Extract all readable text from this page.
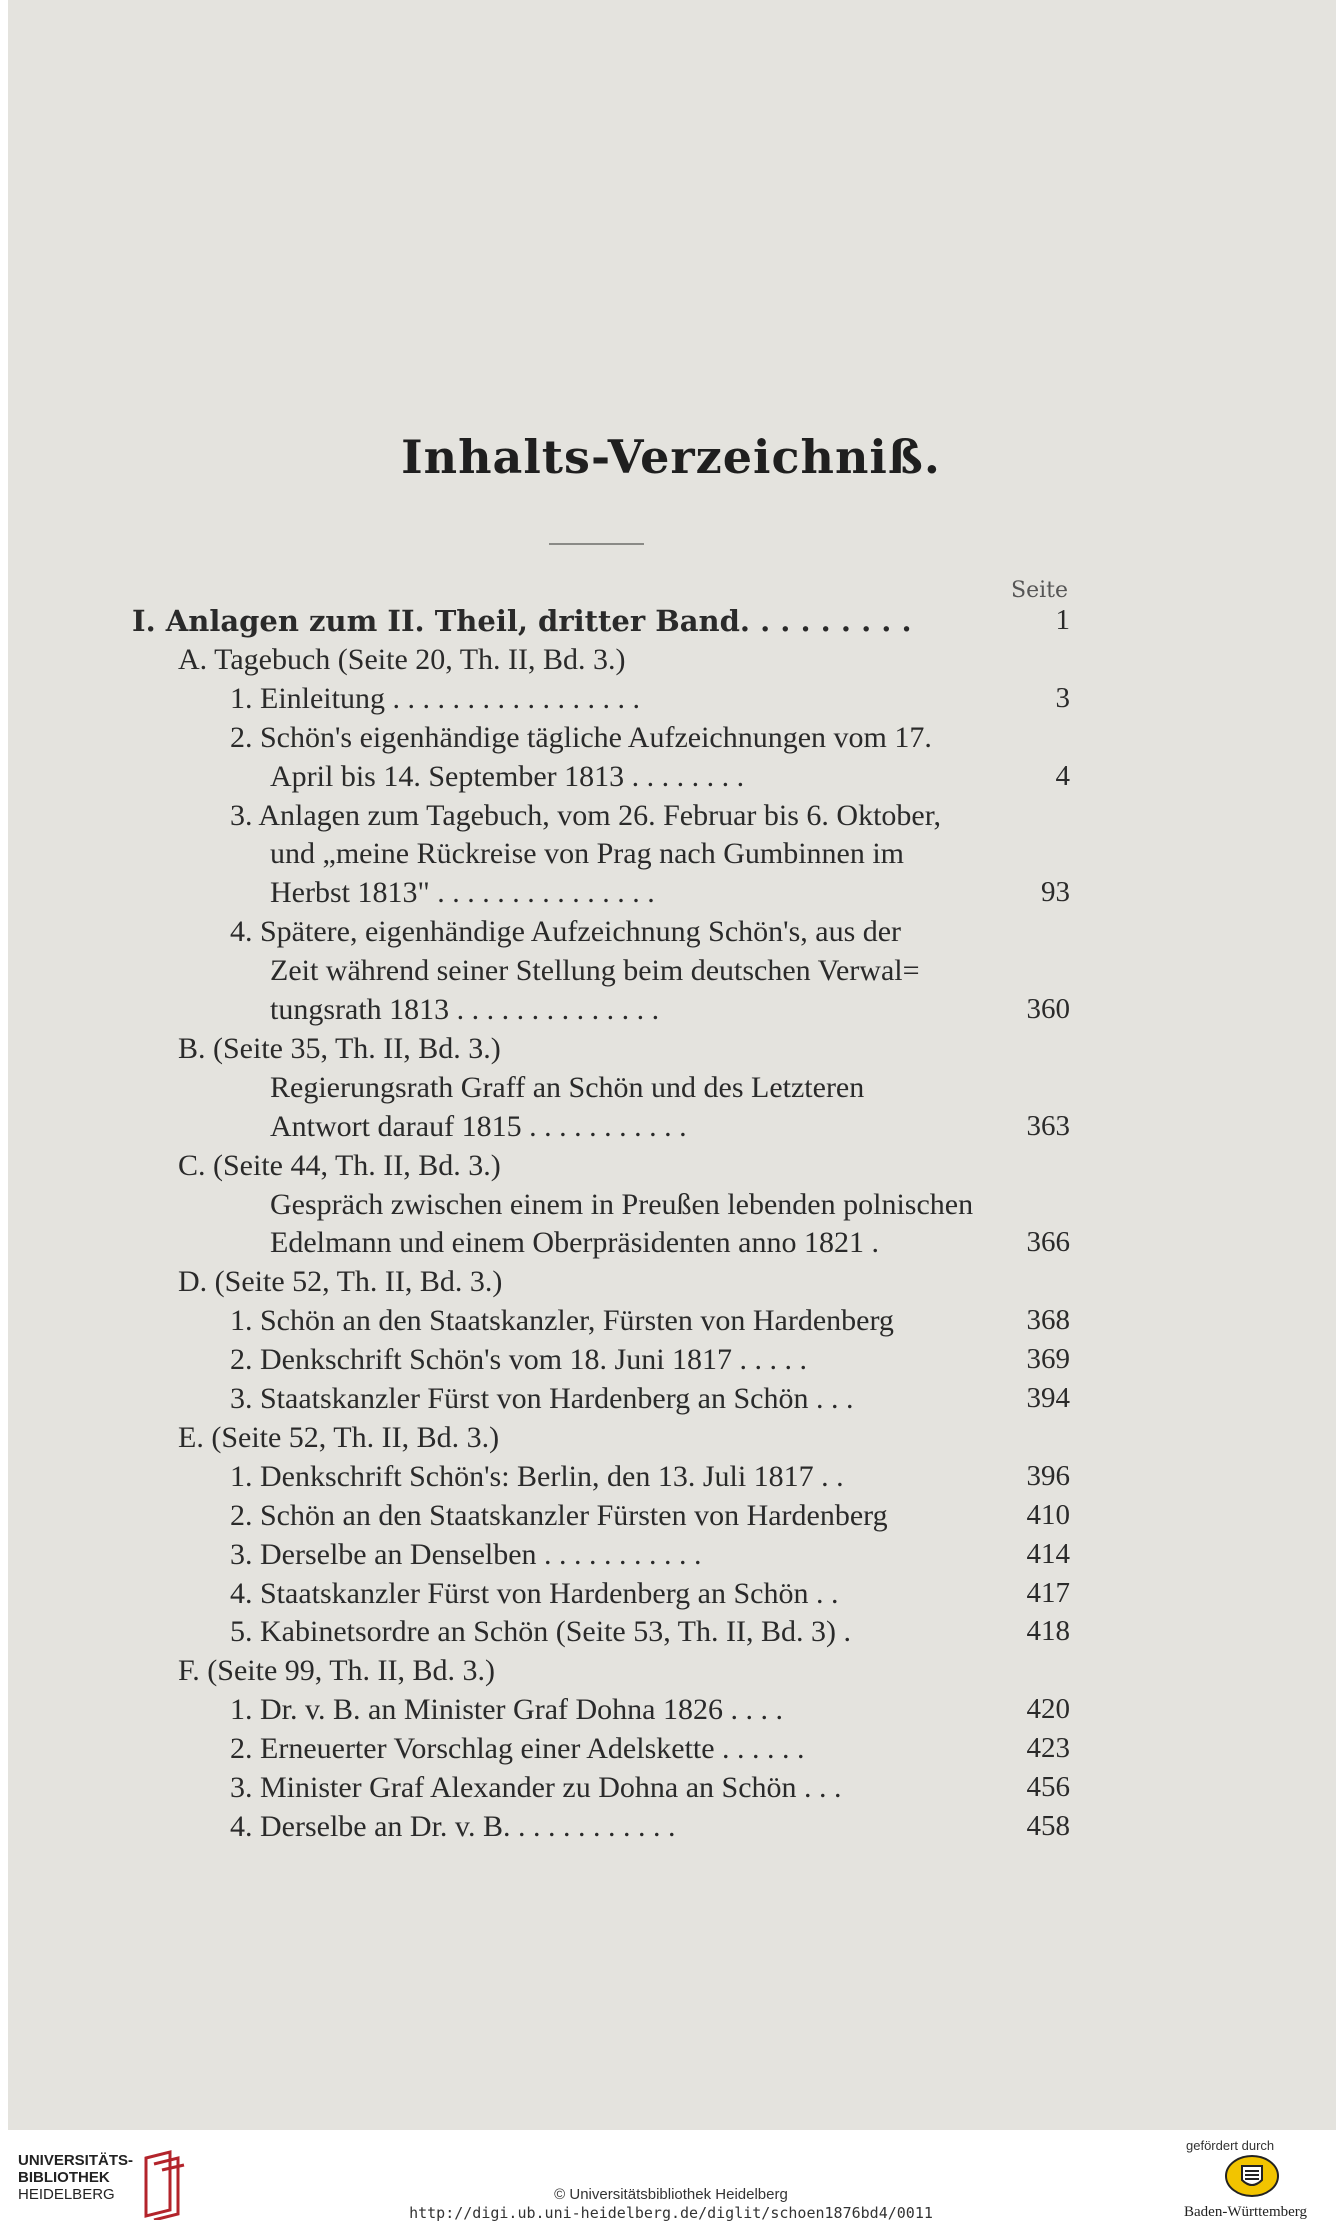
Inhalts-Verzeichniß.
Seite
I. Anlagen zum II. Theil, dritter Band. . . . . . . . .	1
A. Tagebuch (Seite 20, Th. II, Bd. 3.)
1. Einleitung . . . . . . . . . . . . . . . . .	3
2. Schön's eigenhändige tägliche Aufzeichnungen vom 17.
April bis 14. September 1813 . . . . . . . .	4
3. Anlagen zum Tagebuch, vom 26. Februar bis 6. Oktober,
und „meine Rückreise von Prag nach Gumbinnen im
Herbst 1813" . . . . . . . . . . . . . . .	93
4. Spätere, eigenhändige Aufzeichnung Schön's, aus der
Zeit während seiner Stellung beim deutschen Verwal=
tungsrath 1813 . . . . . . . . . . . . . .	360
B. (Seite 35, Th. II, Bd. 3.)
Regierungsrath Graff an Schön und des Letzteren
Antwort darauf 1815 . . . . . . . . . . .	363
C. (Seite 44, Th. II, Bd. 3.)
Gespräch zwischen einem in Preußen lebenden polnischen
Edelmann und einem Oberpräsidenten anno 1821 .	366
D. (Seite 52, Th. II, Bd. 3.)
1. Schön an den Staatskanzler, Fürsten von Hardenberg	368
2. Denkschrift Schön's vom 18. Juni 1817 . . . . .	369
3. Staatskanzler Fürst von Hardenberg an Schön . . .	394
E. (Seite 52, Th. II, Bd. 3.)
1. Denkschrift Schön's: Berlin, den 13. Juli 1817 . .	396
2. Schön an den Staatskanzler Fürsten von Hardenberg	410
3. Derselbe an Denselben . . . . . . . . . . .	414
4. Staatskanzler Fürst von Hardenberg an Schön . .	417
5. Kabinetsordre an Schön (Seite 53, Th. II, Bd. 3) .	418
F. (Seite 99, Th. II, Bd. 3.)
1. Dr. v. B. an Minister Graf Dohna 1826 . . . .	420
2. Erneuerter Vorschlag einer Adelskette . . . . . .	423
3. Minister Graf Alexander zu Dohna an Schön . . .	456
4. Derselbe an Dr. v. B. . . . . . . . . . . .	458
UNIVERSITÄTS-
BIBLIOTHEK
HEIDELBERG	© Universitätsbibliothek Heidelberg
http://digi.ub.uni-heidelberg.de/diglit/schoen1876bd4/0011
gefördert durch
Baden-Württemberg
